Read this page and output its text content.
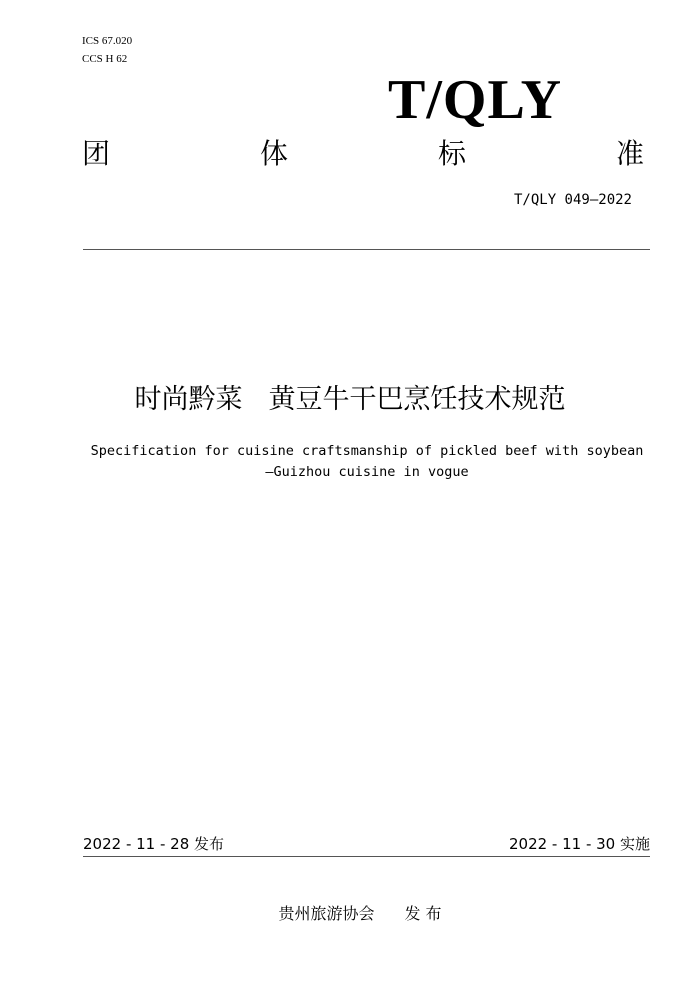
ICS 67.020
CCS H 62
T/QLY
团	体	标	准
T/QLY 049—2022
时尚黔菜 黄豆牛干巴烹饪技术规范
Specification for cuisine craftsmanship of pickled beef with soybean
—Guizhou cuisine in vogue
2022 - 11 - 28 发布	2022 - 11 - 30 实施
贵州旅游协会 发 布
